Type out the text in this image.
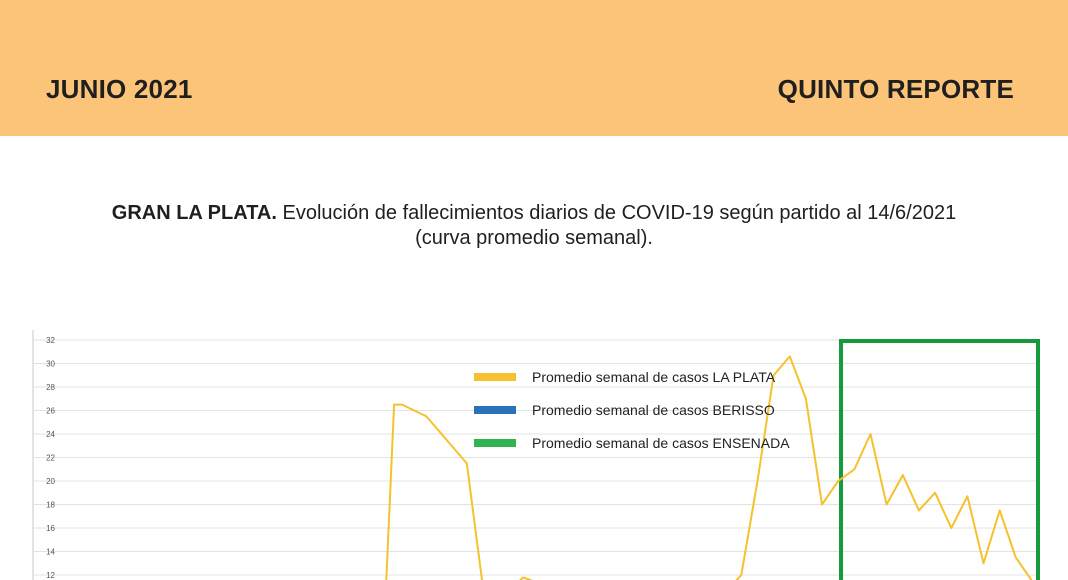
JUNIO 2021	QUINTO REPORTE
GRAN LA PLATA. Evolución de fallecimientos diarios de COVID-19 según partido al 14/6/2021
(curva promedio semanal).
32
30
28
26
24
22
20
18
16
14
12
Promedio semanal de casos LA PLATA
Promedio semanal de casos BERISSO
Promedio semanal de casos ENSENADA
